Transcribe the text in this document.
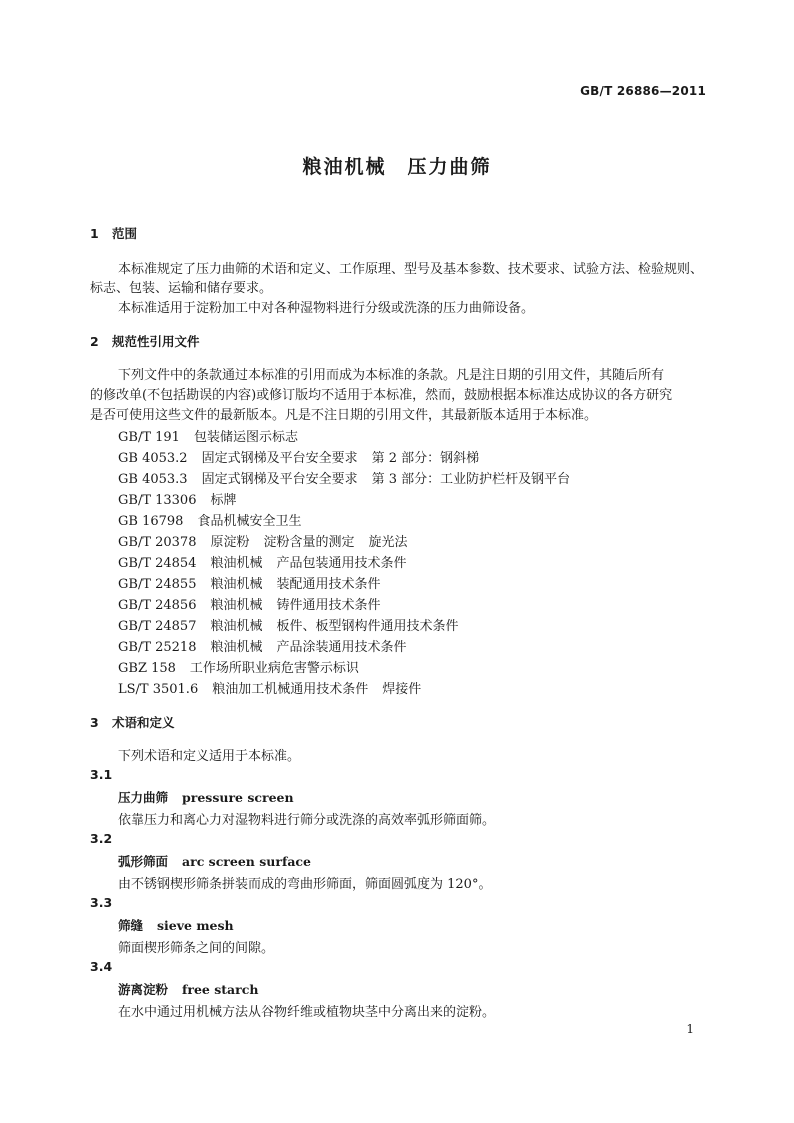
GB/T 26886—2011
粮油机械　压力曲筛
1 范围
本标准规定了压力曲筛的术语和定义、工作原理、型号及基本参数、技术要求、试验方法、检验规则、
标志、包装、运输和储存要求。
本标准适用于淀粉加工中对各种湿物料进行分级或洗涤的压力曲筛设备。
2 规范性引用文件
下列文件中的条款通过本标准的引用而成为本标准的条款。凡是注日期的引用文件，其随后所有
的修改单(不包括勘误的内容)或修订版均不适用于本标准，然而，鼓励根据本标准达成协议的各方研究
是否可使用这些文件的最新版本。凡是不注日期的引用文件，其最新版本适用于本标准。
GB/T 191 包装储运图示标志
GB 4053.2 固定式钢梯及平台安全要求 第 2 部分：钢斜梯
GB 4053.3 固定式钢梯及平台安全要求 第 3 部分：工业防护栏杆及钢平台
GB/T 13306 标牌
GB 16798 食品机械安全卫生
GB/T 20378 原淀粉 淀粉含量的测定 旋光法
GB/T 24854 粮油机械 产品包装通用技术条件
GB/T 24855 粮油机械 装配通用技术条件
GB/T 24856 粮油机械 铸件通用技术条件
GB/T 24857 粮油机械 板件、板型钢构件通用技术条件
GB/T 25218 粮油机械 产品涂装通用技术条件
GBZ 158 工作场所职业病危害警示标识
LS/T 3501.6 粮油加工机械通用技术条件 焊接件
3 术语和定义
下列术语和定义适用于本标准。
3.1
压力曲筛 pressure screen
依靠压力和离心力对湿物料进行筛分或洗涤的高效率弧形筛面筛。
3.2
弧形筛面 arc screen surface
由不锈钢楔形筛条拼装而成的弯曲形筛面，筛面圆弧度为 120°。
3.3
筛缝 sieve mesh
筛面楔形筛条之间的间隙。
3.4
游离淀粉 free starch
在水中通过用机械方法从谷物纤维或植物块茎中分离出来的淀粉。
1
